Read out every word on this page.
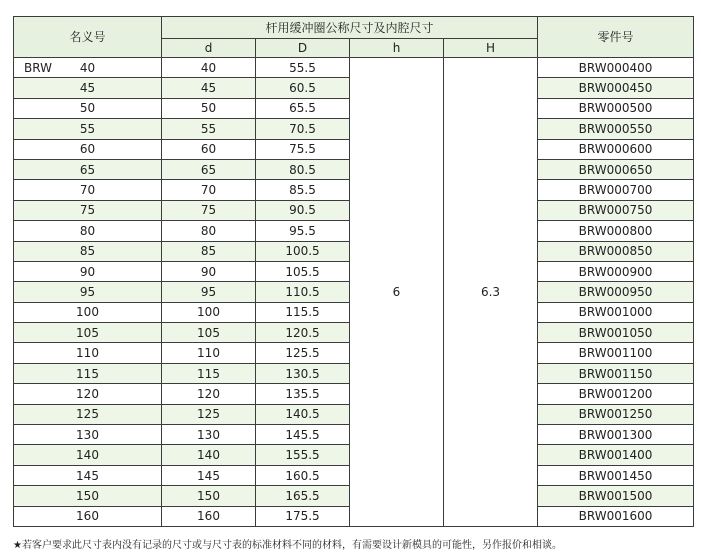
名义号	杆用缓冲圈公称尺寸及内腔尺寸				零件号
	d	D	h	H	

BRW 40	40	55.5	6	6.3	BRW000400
45	45	60.5			BRW000450
50	50	65.5			BRW000500
55	55	70.5			BRW000550
60	60	75.5			BRW000600
65	65	80.5			BRW000650
70	70	85.5			BRW000700
75	75	90.5			BRW000750
80	80	95.5			BRW000800
85	85	100.5			BRW000850
90	90	105.5			BRW000900
95	95	110.5			BRW000950
100	100	115.5			BRW001000
105	105	120.5			BRW001050
110	110	125.5			BRW001100
115	115	130.5			BRW001150
120	120	135.5			BRW001200
125	125	140.5			BRW001250
130	130	145.5			BRW001300
140	140	155.5			BRW001400
145	145	160.5			BRW001450
150	150	165.5			BRW001500
160	160	175.5			BRW001600
★若客户要求此尺寸表内没有记录的尺寸或与尺寸表的标准材料不同的材料，有需要设计新模具的可能性，另作报价和相谈。
